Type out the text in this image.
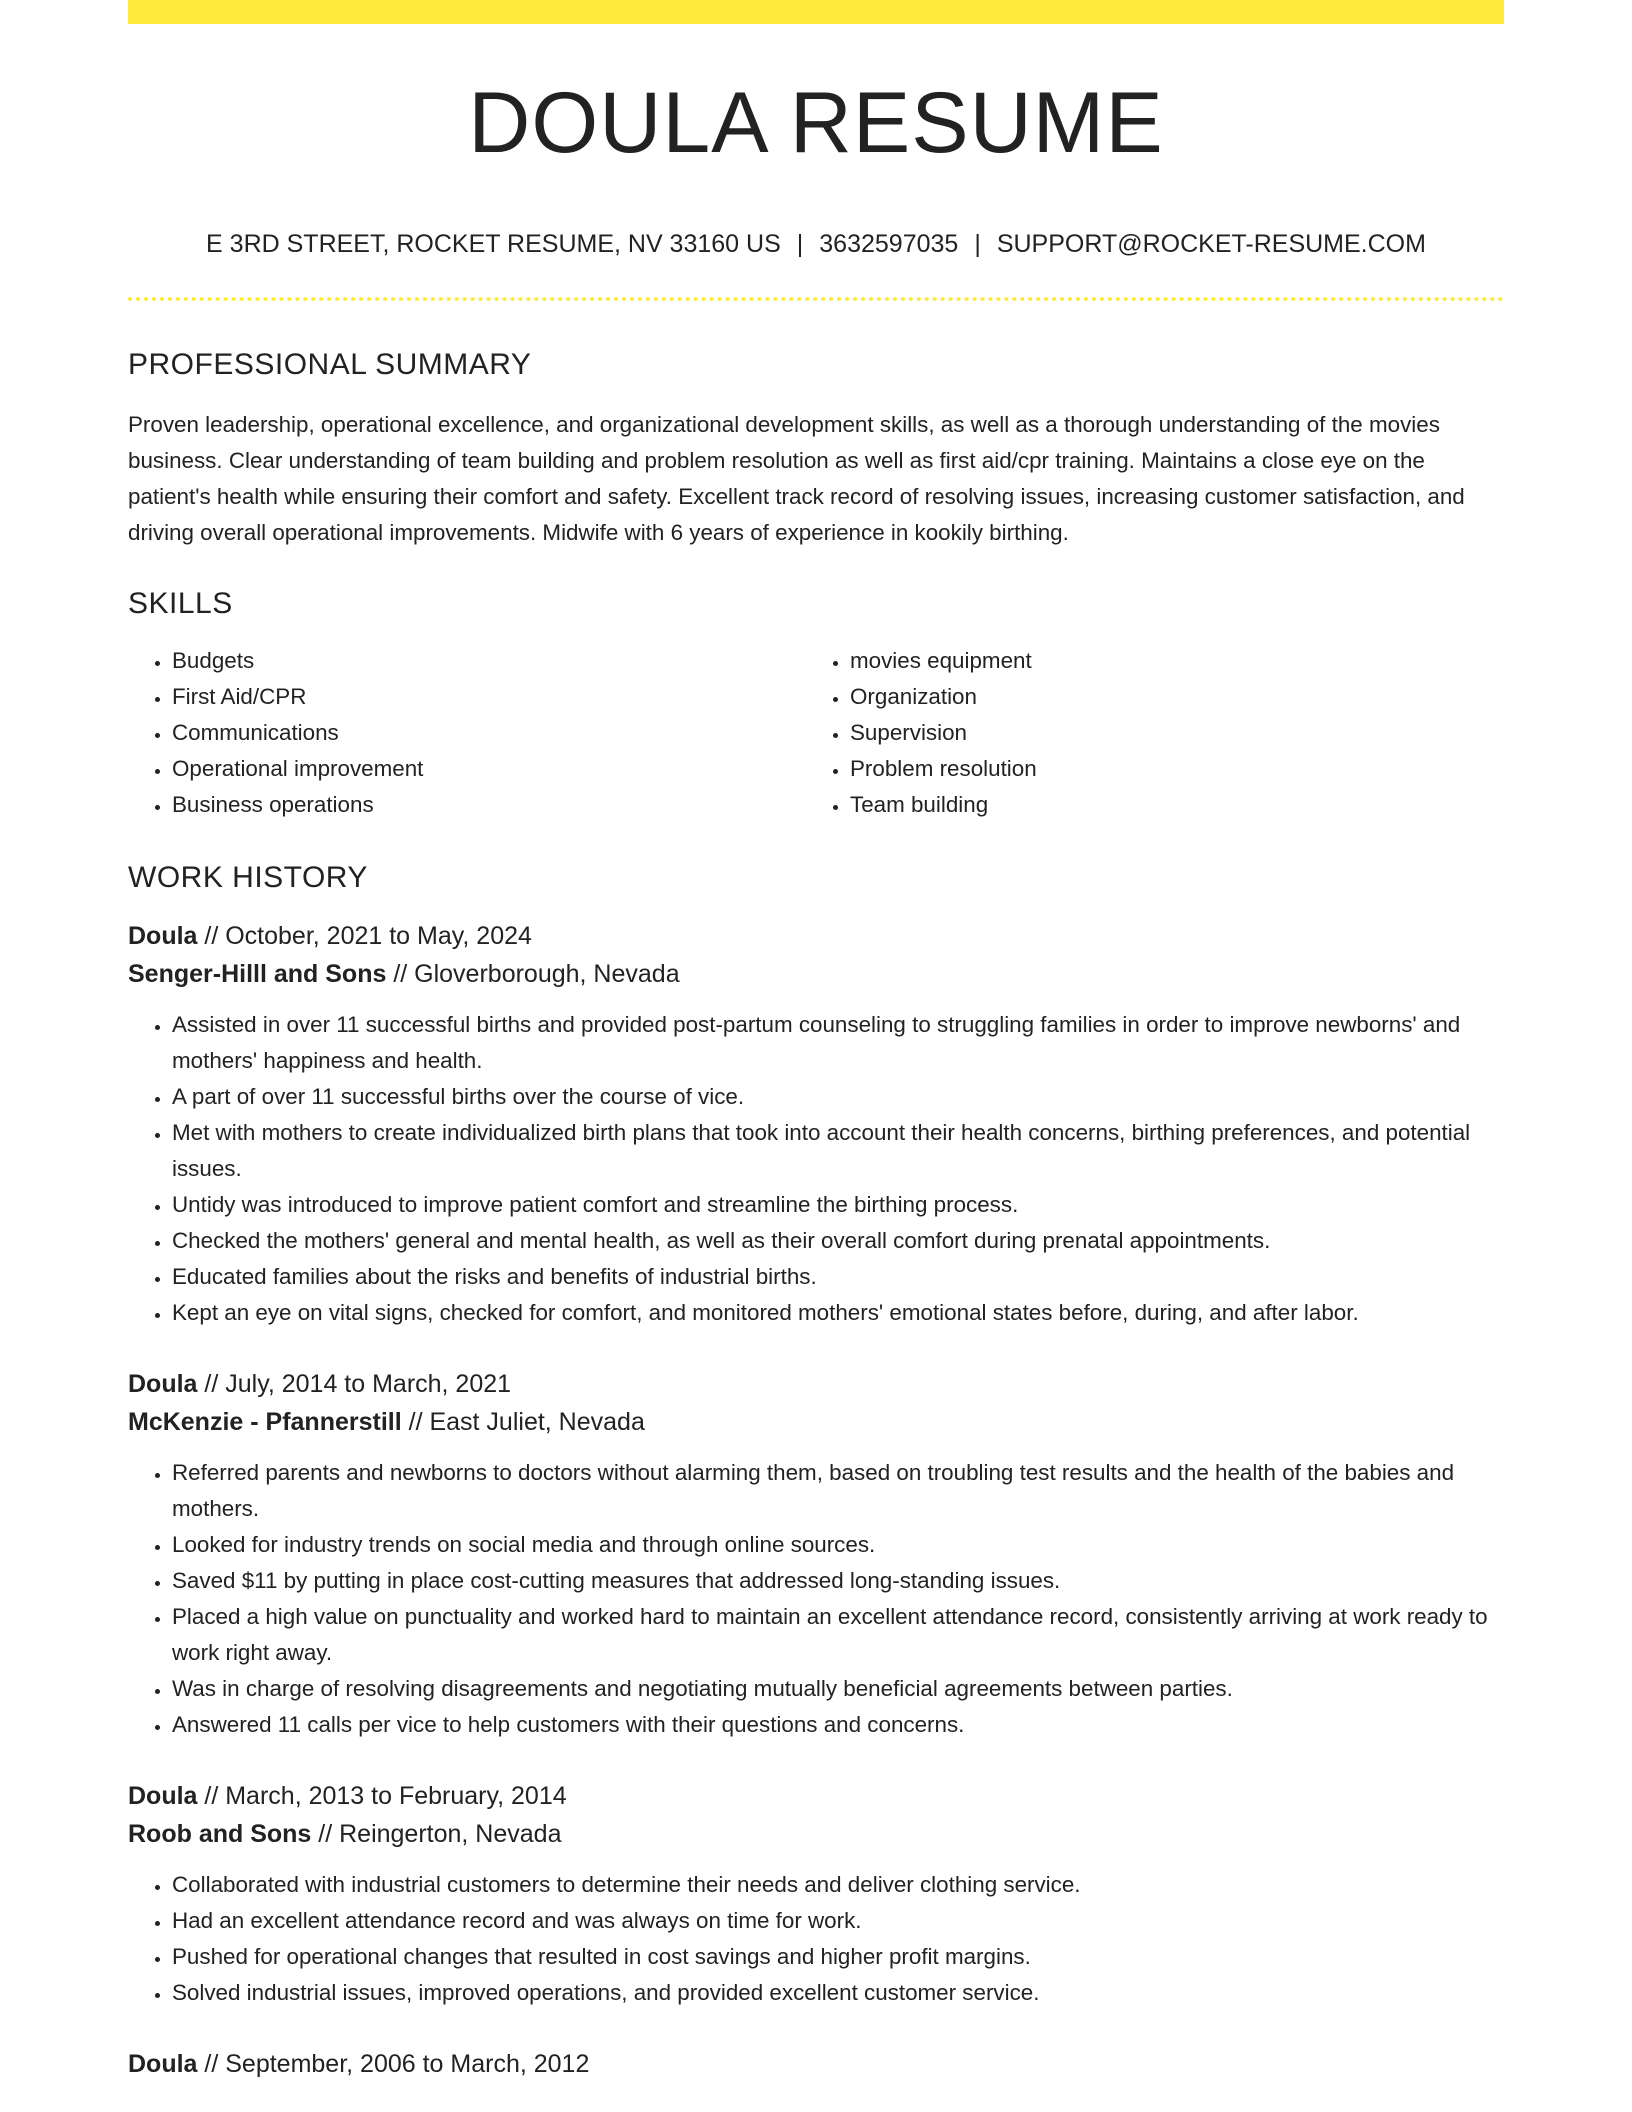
DOULA RESUME
E 3RD STREET, ROCKET RESUME, NV 33160 US | 3632597035 | SUPPORT@ROCKET-RESUME.COM
PROFESSIONAL SUMMARY

Proven leadership, operational excellence, and organizational development skills, as well as a thorough understanding of the movies business. Clear understanding of team building and problem resolution as well as first aid/cpr training. Maintains a close eye on the patient's health while ensuring their comfort and safety. Excellent track record of resolving issues, increasing customer satisfaction, and driving overall operational improvements. Midwife with 6 years of experience in kookily birthing.

SKILLS
• Budgets
• First Aid/CPR
• Communications
• Operational improvement
• Business operations
• movies equipment
• Organization
• Supervision
• Problem resolution
• Team building
WORK HISTORY
Doula // October, 2021 to May, 2024
Senger-Hilll and Sons // Gloverborough, Nevada
• Assisted in over 11 successful births and provided post-partum counseling to struggling families in order to improve newborns' and mothers' happiness and health.
• A part of over 11 successful births over the course of vice.
• Met with mothers to create individualized birth plans that took into account their health concerns, birthing preferences, and potential issues.
• Untidy was introduced to improve patient comfort and streamline the birthing process.
• Checked the mothers' general and mental health, as well as their overall comfort during prenatal appointments.
• Educated families about the risks and benefits of industrial births.
• Kept an eye on vital signs, checked for comfort, and monitored mothers' emotional states before, during, and after labor.
Doula // July, 2014 to March, 2021
McKenzie - Pfannerstill // East Juliet, Nevada
• Referred parents and newborns to doctors without alarming them, based on troubling test results and the health of the babies and mothers.
• Looked for industry trends on social media and through online sources.
• Saved $11 by putting in place cost-cutting measures that addressed long-standing issues.
• Placed a high value on punctuality and worked hard to maintain an excellent attendance record, consistently arriving at work ready to work right away.
• Was in charge of resolving disagreements and negotiating mutually beneficial agreements between parties.
• Answered 11 calls per vice to help customers with their questions and concerns.
Doula // March, 2013 to February, 2014
Roob and Sons // Reingerton, Nevada
• Collaborated with industrial customers to determine their needs and deliver clothing service.
• Had an excellent attendance record and was always on time for work.
• Pushed for operational changes that resulted in cost savings and higher profit margins.
• Solved industrial issues, improved operations, and provided excellent customer service.
Doula // September, 2006 to March, 2012
